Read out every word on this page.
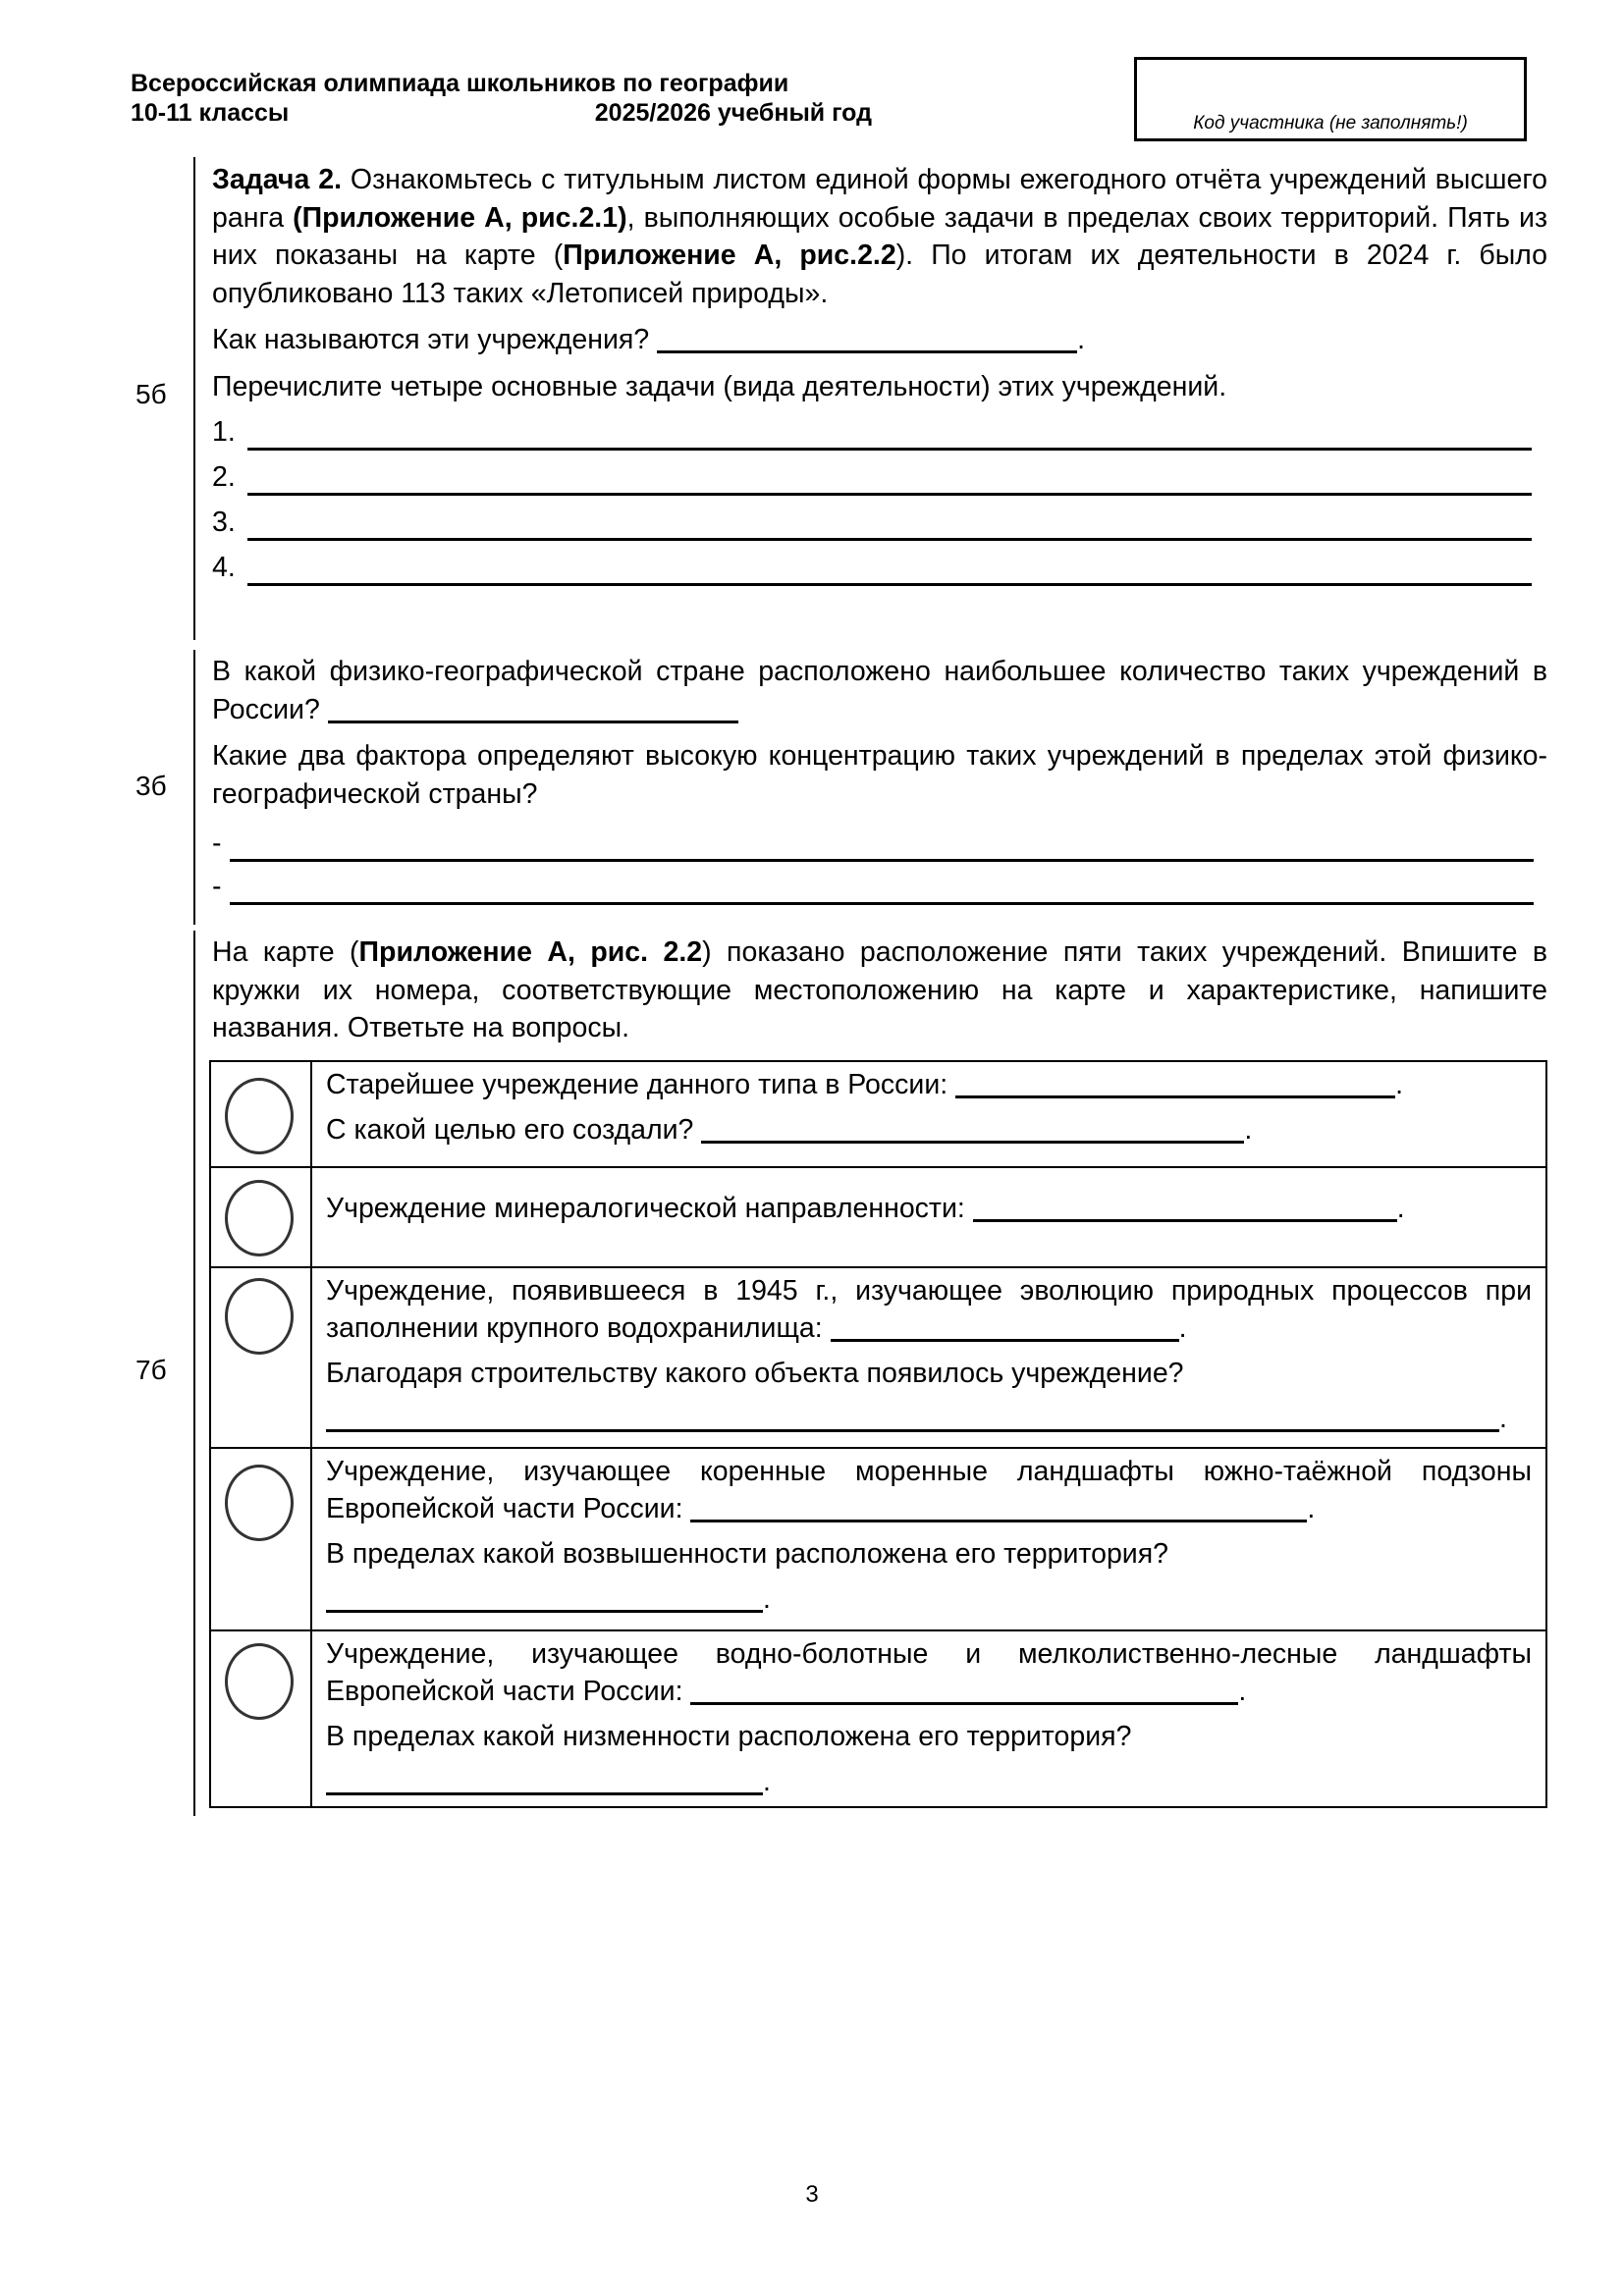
Всероссийская олимпиада школьников по географии
10-11 классы	2025/2026 учебный год	Код участника (не заполнять!)
5б

Задача 2. Ознакомьтесь с титульным листом единой формы ежегодного отчёта учреждений высшего ранга (Приложение А, рис.2.1), выполняющих особые задачи в пределах своих территорий. Пять из них показаны на карте (Приложение А, рис.2.2). По итогам их деятельности в 2024 г. было опубликовано 113 таких «Летописей природы».

Как называются эти учреждения?	.

Перечислите четыре основные задачи (вида деятельности) этих учреждений.

1.
2.
3.
4.
3б

В какой физико-географической стране расположено наибольшее количество таких учреждений в России?

Какие два фактора определяют высокую концентрацию таких учреждений в пределах этой физико-географической страны?

-
-
7б

На карте (Приложение А, рис. 2.2) показано расположение пяти таких учреждений. Впишите в кружки их номера, соответствующие местоположению на карте и характеристике, напишите названия. Ответьте на вопросы.

Старейшее учреждение данного типа в России:	.

С какой целью его создали?	.

Учреждение минералогической направленности:	.

Учреждение, появившееся в 1945 г., изучающее эволюцию природных процессов при заполнении крупного водохранилища:	.

Благодаря строительству какого объекта появилось учреждение?

.

Учреждение, изучающее коренные моренные ландшафты южно-таёжной подзоны Европейской части России:	.

В пределах какой возвышенности расположена его территория?

.

Учреждение, изучающее водно-болотные и мелколиственно-лесные ландшафты Европейской части России:	.

В пределах какой низменности расположена его территория?

.

3
